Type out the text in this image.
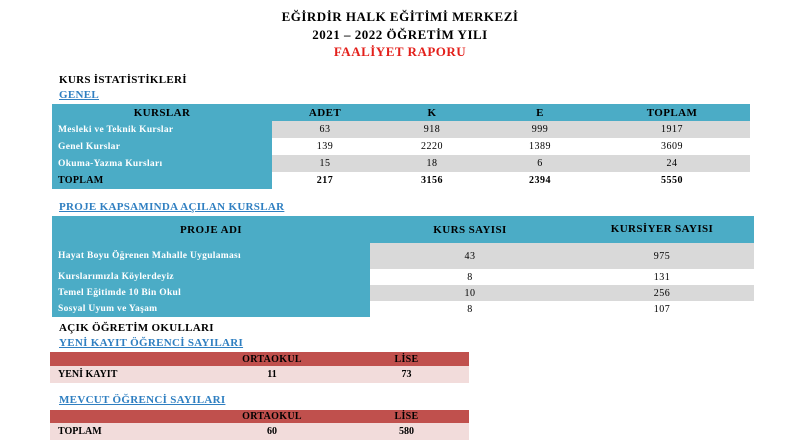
EĞİRDİR HALK EĞİTİMİ MERKEZİ
2021 – 2022 ÖĞRETİM YILI
FAALİYET RAPORU
KURS İSTATİSTİKLERİ
GENEL
KURSLAR	ADET	K	E	TOPLAM
Mesleki ve Teknik Kurslar	63	918	999	1917
Genel Kurslar	139	2220	1389	3609
Okuma-Yazma Kursları	15	18	6	24
TOPLAM	217	3156	2394	5550
PROJE KAPSAMINDA AÇILAN KURSLAR
PROJE ADI	KURS SAYISI	KURSİYER SAYISI
Hayat Boyu Öğrenen Mahalle Uygulaması	43	975
Kurslarımızla Köylerdeyiz	8	131
Temel Eğitimde 10 Bin Okul	10	256
Sosyal Uyum ve Yaşam	8	107
AÇIK ÖĞRETİM OKULLARI
YENİ KAYIT ÖĞRENCİ SAYILARI
	ORTAOKUL	LİSE
YENİ KAYIT	11	73
MEVCUT ÖĞRENCİ SAYILARI
	ORTAOKUL	LİSE
TOPLAM	60	580
